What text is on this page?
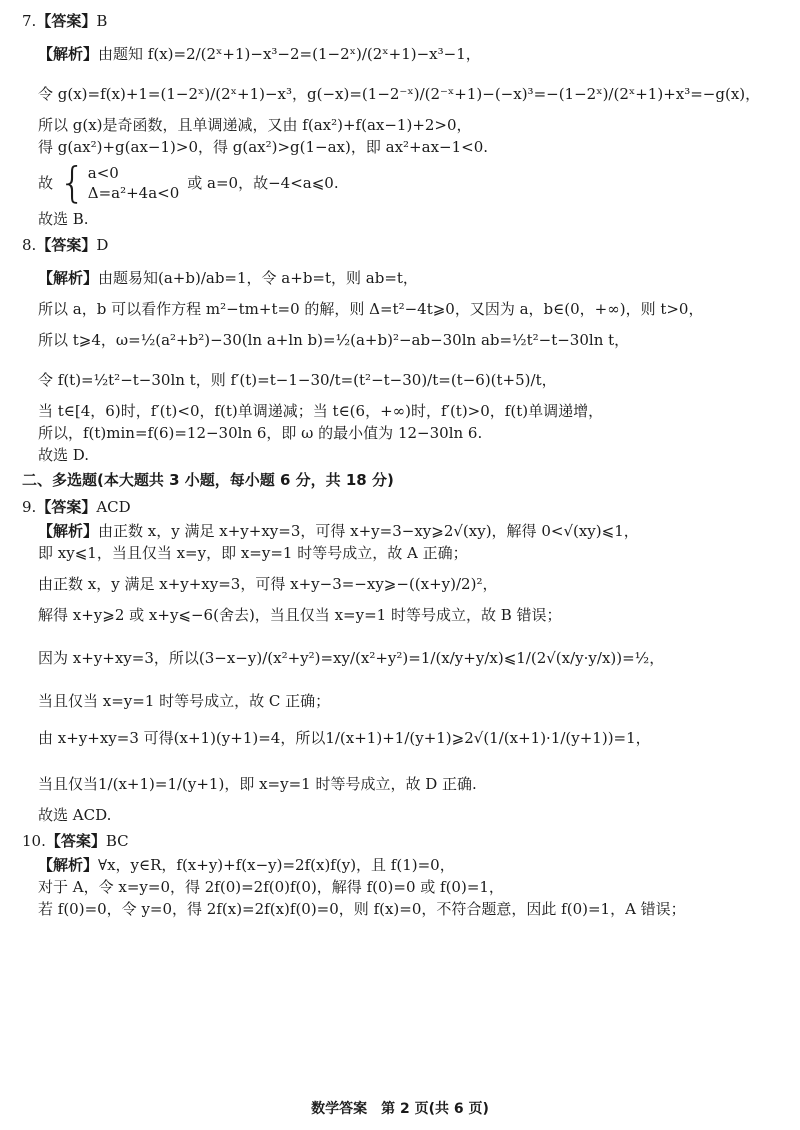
7.【答案】B
【解析】由题知 f(x)=2/(2ˣ+1)−x³−2=(1−2ˣ)/(2ˣ+1)−x³−1，
令 g(x)=f(x)+1=(1−2ˣ)/(2ˣ+1)−x³，g(−x)=(1−2⁻ˣ)/(2⁻ˣ+1)−(−x)³=−(1−2ˣ)/(2ˣ+1)+x³=−g(x)，
所以 g(x)是奇函数，且单调递减，又由 f(ax²)+f(ax−1)+2>0，
得 g(ax²)+g(ax−1)>0，得 g(ax²)>g(1−ax)，即 ax²+ax−1<0.
故 { a<0
Δ=a²+4a<0
或 a=0，故−4<a⩽0.
故选 B.
8.【答案】D
【解析】由题易知(a+b)/ab=1，令 a+b=t，则 ab=t，
所以 a，b 可以看作方程 m²−tm+t=0 的解，则 Δ=t²−4t⩾0，又因为 a，b∈(0，+∞)，则 t>0，
所以 t⩾4，ω=½(a²+b²)−30(ln a+ln b)=½(a+b)²−ab−30ln ab=½t²−t−30ln t，
令 f(t)=½t²−t−30ln t，则 f′(t)=t−1−30/t=(t²−t−30)/t=(t−6)(t+5)/t，
当 t∈[4，6)时，f′(t)<0，f(t)单调递减；当 t∈(6，+∞)时，f′(t)>0，f(t)单调递增，
所以，f(t)min=f(6)=12−30ln 6，即 ω 的最小值为 12−30ln 6.
故选 D.
二、多选题(本大题共 3 小题，每小题 6 分，共 18 分)
9.【答案】ACD
【解析】由正数 x，y 满足 x+y+xy=3，可得 x+y=3−xy⩾2√(xy)，解得 0<√(xy)⩽1，
即 xy⩽1，当且仅当 x=y，即 x=y=1 时等号成立，故 A 正确；
由正数 x，y 满足 x+y+xy=3，可得 x+y−3=−xy⩾−((x+y)/2)²，
解得 x+y⩾2 或 x+y⩽−6(舍去)，当且仅当 x=y=1 时等号成立，故 B 错误；
因为 x+y+xy=3，所以(3−x−y)/(x²+y²)=xy/(x²+y²)=1/(x/y+y/x)⩽1/(2√(x/y·y/x))=½，
当且仅当 x=y=1 时等号成立，故 C 正确；
由 x+y+xy=3 可得(x+1)(y+1)=4，所以1/(x+1)+1/(y+1)⩾2√(1/(x+1)·1/(y+1))=1，
当且仅当1/(x+1)=1/(y+1)，即 x=y=1 时等号成立，故 D 正确.
故选 ACD.
10.【答案】BC
【解析】∀x，y∈R，f(x+y)+f(x−y)=2f(x)f(y)，且 f(1)=0，
对于 A，令 x=y=0，得 2f(0)=2f(0)f(0)，解得 f(0)=0 或 f(0)=1，
若 f(0)=0，令 y=0，得 2f(x)=2f(x)f(0)=0，则 f(x)=0，不符合题意，因此 f(0)=1，A 错误；
数学答案　第 2 页(共 6 页)
